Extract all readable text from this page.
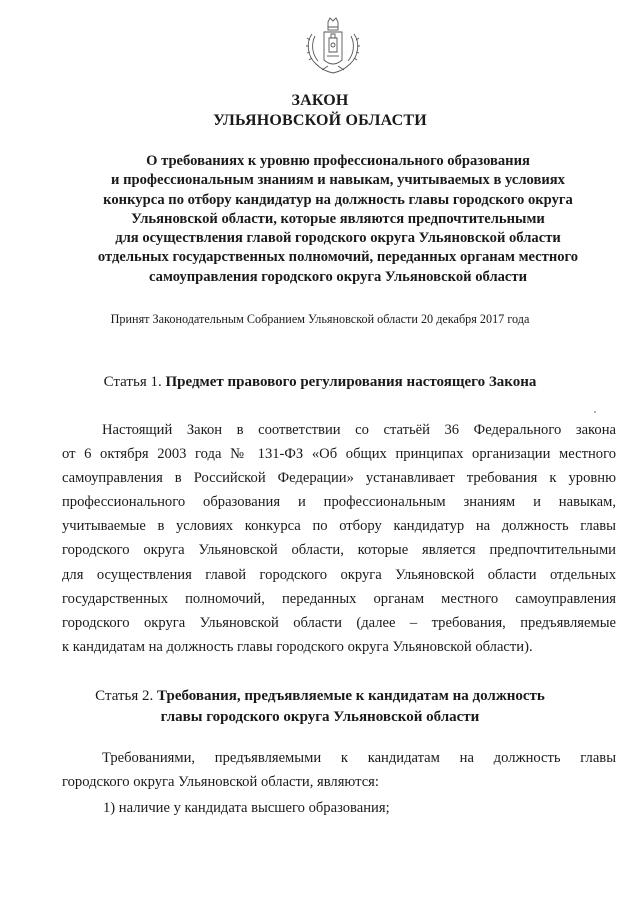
ЗАКОН
УЛЬЯНОВСКОЙ ОБЛАСТИ
О требованиях к уровню профессионального образования
и профессиональным знаниям и навыкам, учитываемых в условиях
конкурса по отбору кандидатур на должность главы городского округа
Ульяновской области, которые являются предпочтительными
для осуществления главой городского округа Ульяновской области
отдельных государственных полномочий, переданных органам местного
самоуправления городского округа Ульяновской области
Принят Законодательным Собранием Ульяновской области 20 декабря 2017 года
Статья 1. Предмет правового регулирования настоящего Закона
Настоящий Закон в соответствии со статьёй 36 Федерального закона
от 6 октября 2003 года № 131-ФЗ «Об общих принципах организации местного
самоуправления в Российской Федерации» устанавливает требования к уровню
профессионального образования и профессиональным знаниям и навыкам,
учитываемые в условиях конкурса по отбору кандидатур на должность главы
городского округа Ульяновской области, которые является предпочтительными
для осуществления главой городского округа Ульяновской области отдельных
государственных полномочий, переданных органам местного самоуправления
городского округа Ульяновской области (далее – требования, предъявляемые
к кандидатам на должность главы городского округа Ульяновской области).
Статья 2. Требования, предъявляемые к кандидатам на должность
главы городского округа Ульяновской области
Требованиями, предъявляемыми к кандидатам на должность главы
городского округа Ульяновской области, являются:
1) наличие у кандидата высшего образования;
